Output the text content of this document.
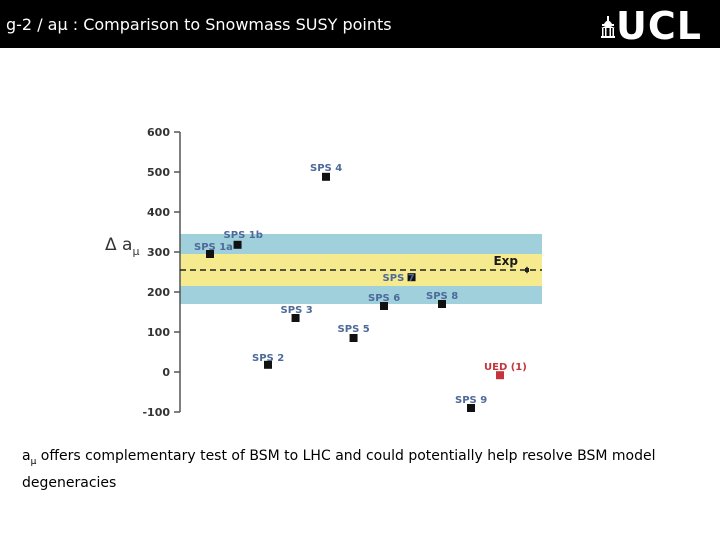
g-2 / aμ : Comparison to Snowmass SUSY points	UCL
-100
0
100
200
300
400
500
600
Exp
SPS 1a
SPS 1b
SPS 2
SPS 3
SPS 4
SPS 5
SPS 6
SPS 7
SPS 8
SPS 9
UED (1)
Δ $a_\mu$
$a_\mu$ offers complementary test of BSM to LHC and could potentially help resolve BSM model degeneracies
